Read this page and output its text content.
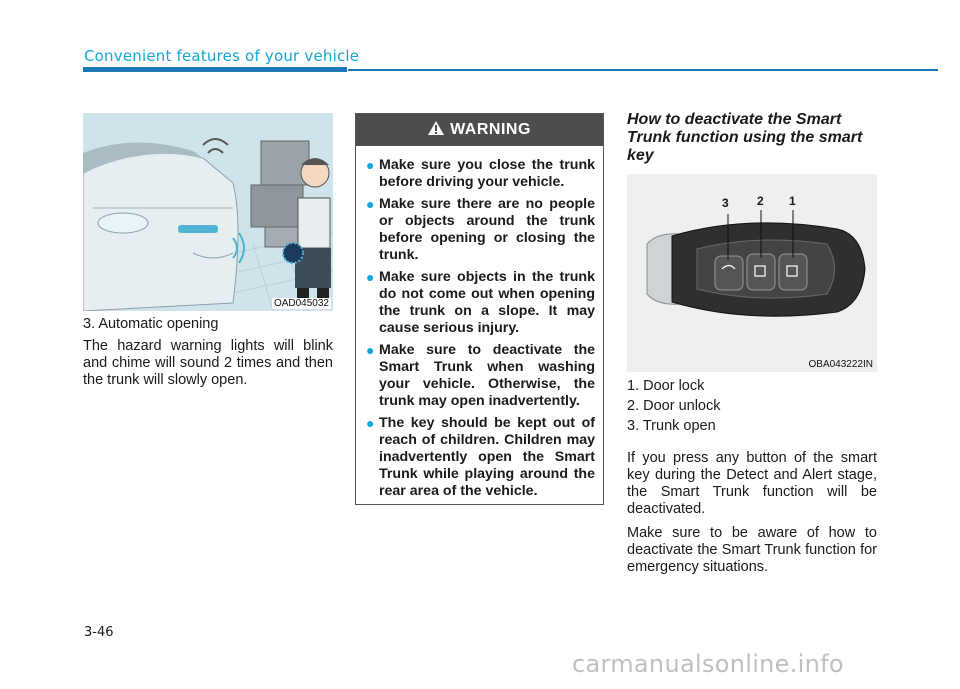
Convenient features of your vehicle
OAD045032

3. Automatic opening

The hazard warning lights will blink and chime will sound 2 times and then the trunk will slowly open.

WARNING
● Make sure you close the trunk before driving your vehicle.
● Make sure there are no people or objects around the trunk before opening or closing the trunk.
● Make sure objects in the trunk do not come out when opening the trunk on a slope. It may cause serious injury.
● Make sure to deactivate the Smart Trunk when washing your vehicle. Otherwise, the trunk may open inadvertently.
● The key should be kept out of reach of children. Children may inadvertently open the Smart Trunk while playing around the rear area of the vehicle.
How to deactivate the Smart Trunk function using the smart key
3 2 1
OBA043222IN

1. Door lock

2. Door unlock

3. Trunk open

If you press any button of the smart key during the Detect and Alert stage, the Smart Trunk function will be deactivated.

Make sure to be aware of how to deactivate the Smart Trunk function for emergency situations.

3-46
carmanualsonline.info
